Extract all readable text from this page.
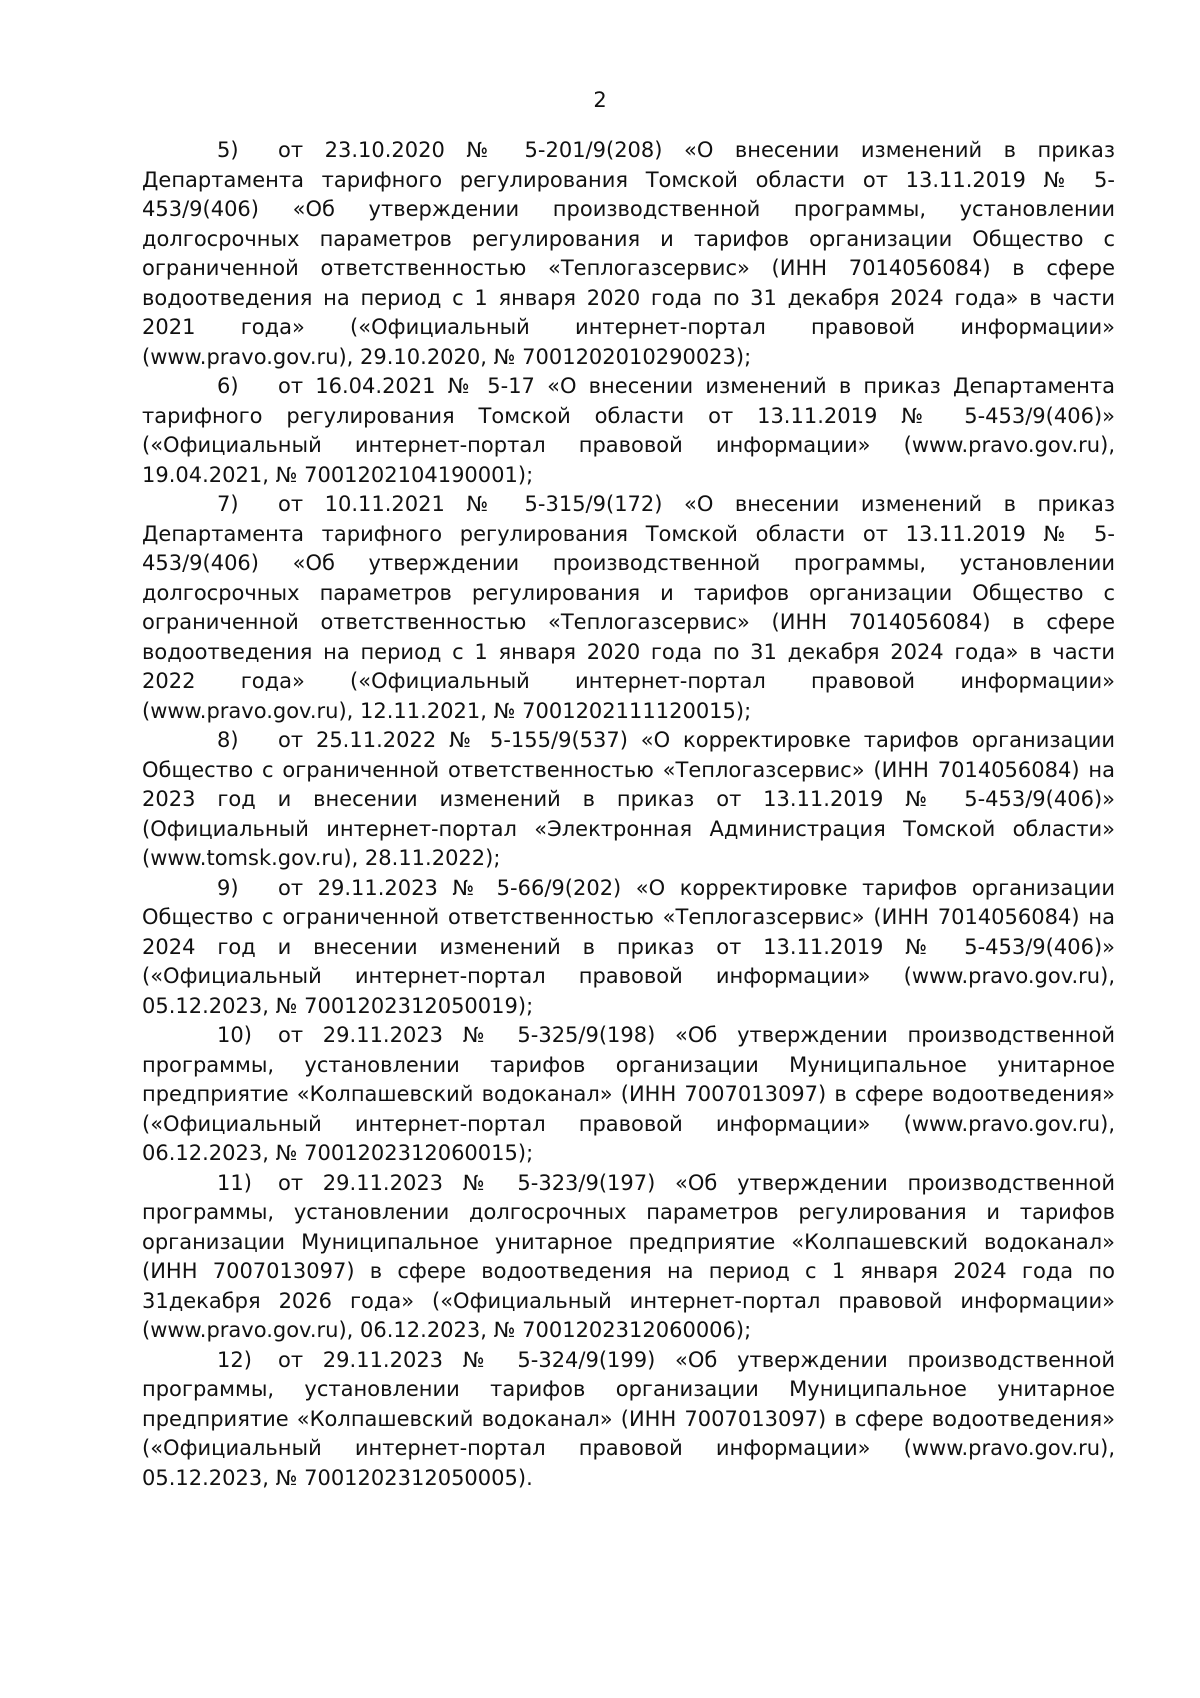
2

5) от 23.10.2020 № 5-201/9(208) «О внесении изменений в приказ Департамента тарифного регулирования Томской области от 13.11.2019 № 5-453/9(406) «Об утверждении производственной программы, установлении долгосрочных параметров регулирования и тарифов организации Общество с ограниченной ответственностью «Теплогазсервис» (ИНН 7014056084) в сфере водоотведения на период с 1 января 2020 года по 31 декабря 2024 года» в части 2021 года» («Официальный интернет-портал правовой информации» (www.pravo.gov.ru), 29.10.2020, № 7001202010290023);

6) от 16.04.2021 № 5-17 «О внесении изменений в приказ Департамента тарифного регулирования Томской области от 13.11.2019 № 5-453/9(406)» («Официальный интернет-портал правовой информации» (www.pravo.gov.ru), 19.04.2021, № 7001202104190001);

7) от 10.11.2021 № 5-315/9(172) «О внесении изменений в приказ Департамента тарифного регулирования Томской области от 13.11.2019 № 5-453/9(406) «Об утверждении производственной программы, установлении долгосрочных параметров регулирования и тарифов организации Общество с ограниченной ответственностью «Теплогазсервис» (ИНН 7014056084) в сфере водоотведения на период с 1 января 2020 года по 31 декабря 2024 года» в части 2022 года» («Официальный интернет-портал правовой информации» (www.pravo.gov.ru), 12.11.2021, № 7001202111120015);

8) от 25.11.2022 № 5-155/9(537) «О корректировке тарифов организации Общество с ограниченной ответственностью «Теплогазсервис» (ИНН 7014056084) на 2023 год и внесении изменений в приказ от 13.11.2019 № 5-453/9(406)» (Официальный интернет-портал «Электронная Администрация Томской области» (www.tomsk.gov.ru), 28.11.2022);

9) от 29.11.2023 № 5-66/9(202) «О корректировке тарифов организации Общество с ограниченной ответственностью «Теплогазсервис» (ИНН 7014056084) на 2024 год и внесении изменений в приказ от 13.11.2019 № 5-453/9(406)» («Официальный интернет-портал правовой информации» (www.pravo.gov.ru), 05.12.2023, № 7001202312050019);

10) от 29.11.2023 № 5-325/9(198) «Об утверждении производственной программы, установлении тарифов организации Муниципальное унитарное предприятие «Колпашевский водоканал» (ИНН 7007013097) в сфере водоотведения» («Официальный интернет-портал правовой информации» (www.pravo.gov.ru), 06.12.2023, № 7001202312060015);

11) от 29.11.2023 № 5-323/9(197) «Об утверждении производственной программы, установлении долгосрочных параметров регулирования и тарифов организации Муниципальное унитарное предприятие «Колпашевский водоканал» (ИНН 7007013097) в сфере водоотведения на период с 1 января 2024 года по 31декабря 2026 года» («Официальный интернет-портал правовой информации» (www.pravo.gov.ru), 06.12.2023, № 7001202312060006);

12) от 29.11.2023 № 5-324/9(199) «Об утверждении производственной программы, установлении тарифов организации Муниципальное унитарное предприятие «Колпашевский водоканал» (ИНН 7007013097) в сфере водоотведения» («Официальный интернет-портал правовой информации» (www.pravo.gov.ru), 05.12.2023, № 7001202312050005).
